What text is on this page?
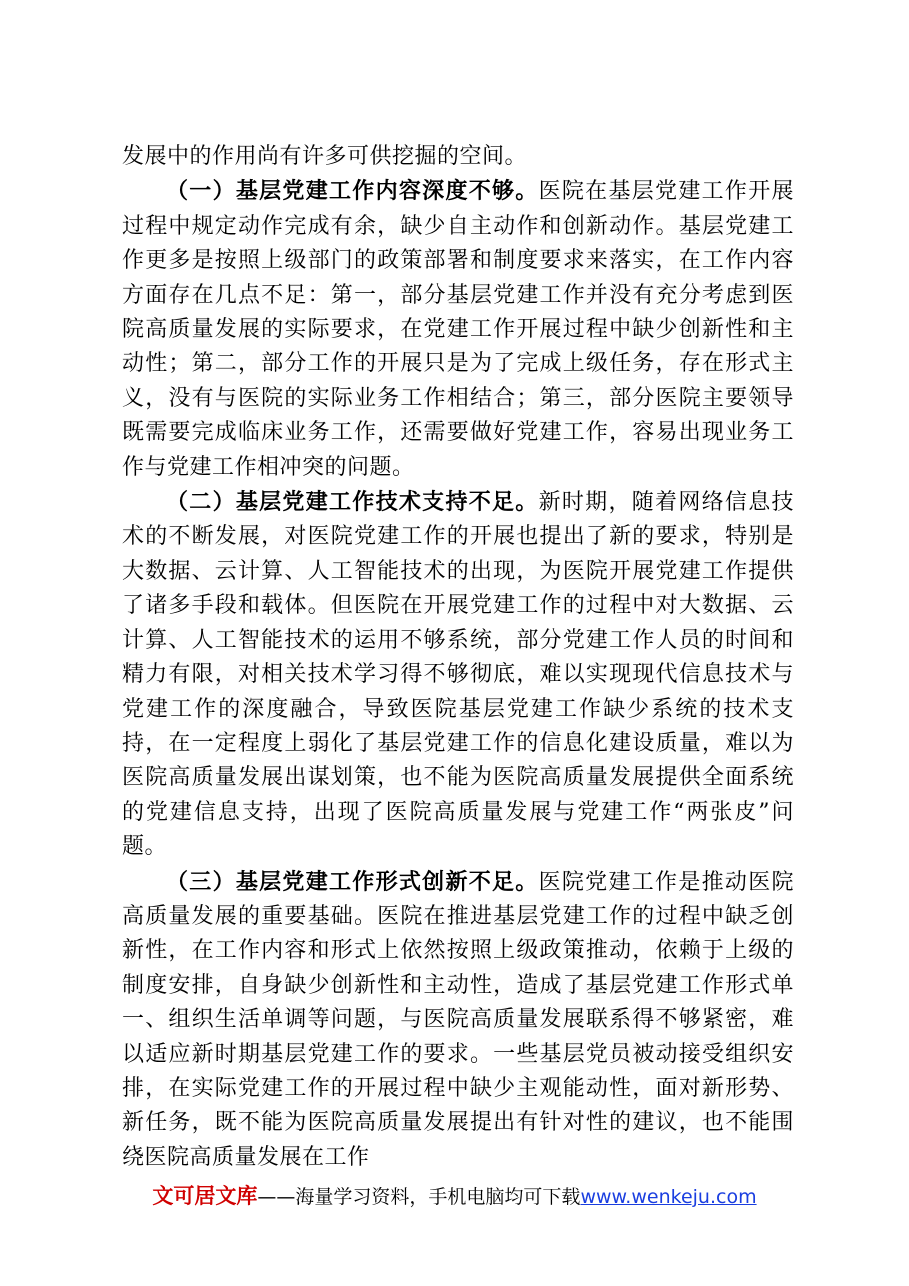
发展中的作用尚有许多可供挖掘的空间。

（一）基层党建工作内容深度不够。医院在基层党建工作开展过程中规定动作完成有余，缺少自主动作和创新动作。基层党建工作更多是按照上级部门的政策部署和制度要求来落实，在工作内容方面存在几点不足：第一，部分基层党建工作并没有充分考虑到医院高质量发展的实际要求，在党建工作开展过程中缺少创新性和主动性；第二，部分工作的开展只是为了完成上级任务，存在形式主义，没有与医院的实际业务工作相结合；第三，部分医院主要领导既需要完成临床业务工作，还需要做好党建工作，容易出现业务工作与党建工作相冲突的问题。

（二）基层党建工作技术支持不足。新时期，随着网络信息技术的不断发展，对医院党建工作的开展也提出了新的要求，特别是大数据、云计算、人工智能技术的出现，为医院开展党建工作提供了诸多手段和载体。但医院在开展党建工作的过程中对大数据、云计算、人工智能技术的运用不够系统，部分党建工作人员的时间和精力有限，对相关技术学习得不够彻底，难以实现现代信息技术与党建工作的深度融合，导致医院基层党建工作缺少系统的技术支持，在一定程度上弱化了基层党建工作的信息化建设质量，难以为医院高质量发展出谋划策，也不能为医院高质量发展提供全面系统的党建信息支持，出现了医院高质量发展与党建工作“两张皮”问题。

（三）基层党建工作形式创新不足。医院党建工作是推动医院高质量发展的重要基础。医院在推进基层党建工作的过程中缺乏创新性，在工作内容和形式上依然按照上级政策推动，依赖于上级的制度安排，自身缺少创新性和主动性，造成了基层党建工作形式单一、组织生活单调等问题，与医院高质量发展联系得不够紧密，难以适应新时期基层党建工作的要求。一些基层党员被动接受组织安排，在实际党建工作的开展过程中缺少主观能动性，面对新形势、新任务，既不能为医院高质量发展提出有针对性的建议，也不能围绕医院高质量发展在工作

文可居文库——海量学习资料，手机电脑均可下载www.wenkeju.com
